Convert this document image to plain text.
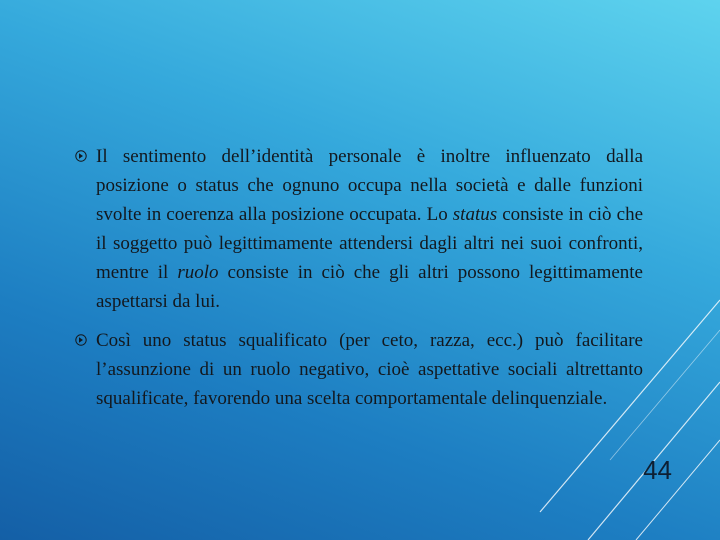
Il sentimento dell’identità personale è inoltre influenzato dalla posizione o status che ognuno occupa nella società e dalle funzioni svolte in coerenza alla posizione occupata. Lo status consiste in ciò che il soggetto può legittimamente attendersi dagli altri nei suoi confronti, mentre il ruolo consiste in ciò che gli altri possono legittimamente aspettarsi da lui.
Così uno status squalificato (per ceto, razza, ecc.) può facilitare l’assunzione di un ruolo negativo, cioè aspettative sociali altrettanto squalificate, favorendo una scelta comportamentale delinquenziale.
44
